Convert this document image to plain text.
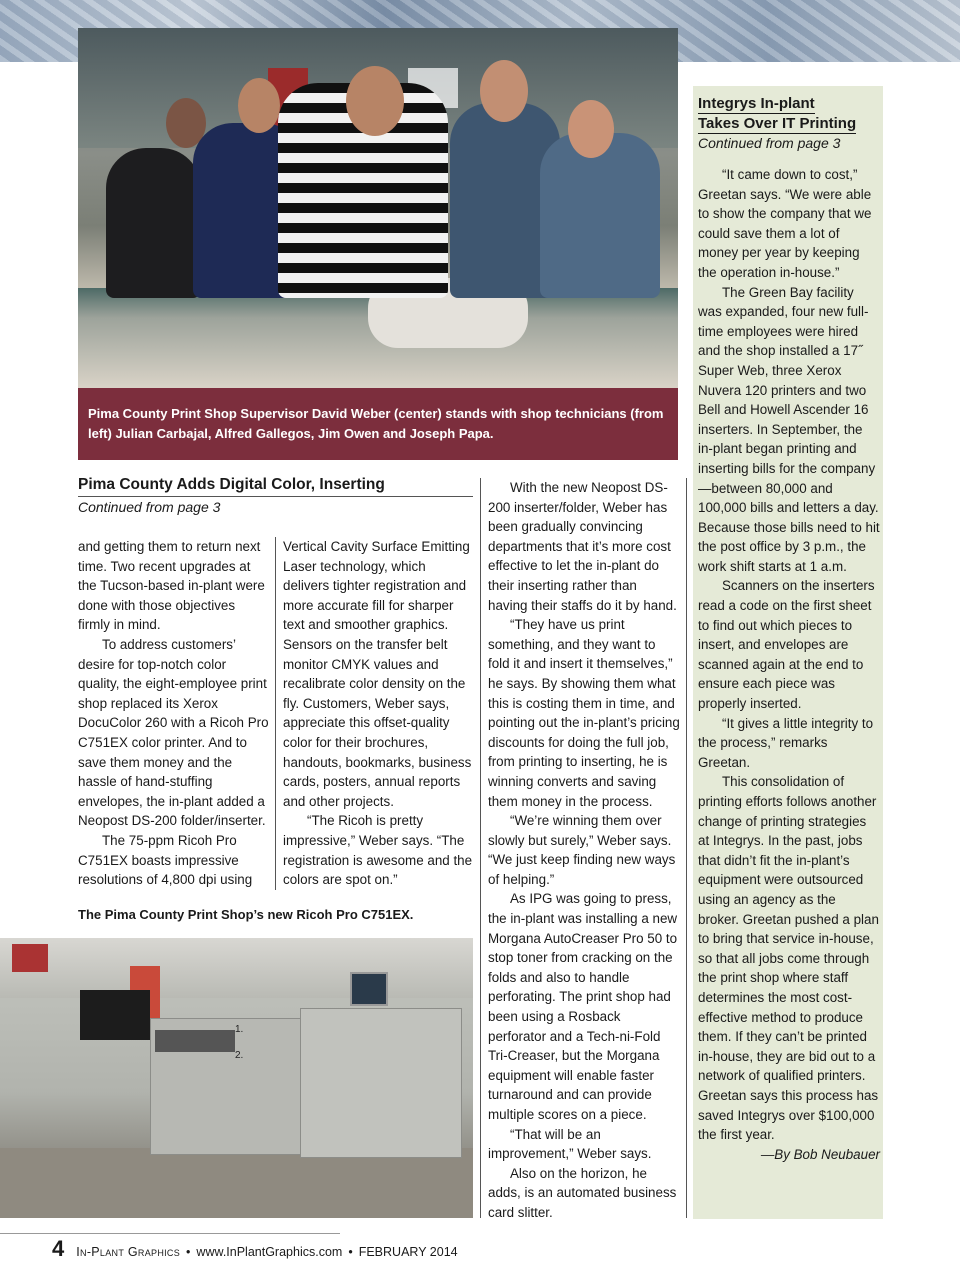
Pima County Print Shop Supervisor David Weber (center) stands with shop technicians (from left) Julian Carbajal, Alfred Gallegos, Jim Owen and Joseph Papa.
Integrys In-plant
Takes Over IT Printing
Continued from page 3

“It came down to cost,” Greetan says. “We were able to show the company that we could save them a lot of money per year by keeping the operation in-house.”

The Green Bay facility was expanded, four new full-time employees were hired and the shop installed a 17˝ Super Web, three Xerox Nuvera 120 printers and two Bell and Howell Ascender 16 inserters. In September, the in-plant began printing and inserting bills for the company—between 80,000 and 100,000 bills and letters a day. Because those bills need to hit the post office by 3 p.m., the work shift starts at 1 a.m.

Scanners on the inserters read a code on the first sheet to find out which pieces to insert, and envelopes are scanned again at the end to ensure each piece was properly inserted.

“It gives a little integrity to the process,” remarks Greetan.

This consolidation of printing efforts follows another change of printing strategies at Integrys. In the past, jobs that didn’t fit the in-plant’s equipment were outsourced using an agency as the broker. Greetan pushed a plan to bring that service in-house, so that all jobs come through the print shop where staff determines the most cost-effective method to produce them. If they can’t be printed in-house, they are bid out to a network of qualified printers. Greetan says this process has saved Integrys over $100,000 the first year.

—By Bob Neubauer

Pima County Adds Digital Color, Inserting
Continued from page 3

and getting them to return next time. Two recent upgrades at the Tucson-based in-plant were done with those objectives firmly in mind.

To address customers’ desire for top-notch color quality, the eight-employee print shop replaced its Xerox DocuColor 260 with a Ricoh Pro C751EX color printer. And to save them money and the hassle of hand-stuffing envelopes, the in-plant added a Neopost DS-200 folder/inserter.

The 75-ppm Ricoh Pro C751EX boasts impressive resolutions of 4,800 dpi using

Vertical Cavity Surface Emitting Laser technology, which delivers tighter registration and more accurate fill for sharper text and smoother graphics. Sensors on the transfer belt monitor CMYK values and recalibrate color density on the fly. Customers, Weber says, appreciate this offset-quality color for their brochures, handouts, bookmarks, business cards, posters, annual reports and other projects.

“The Ricoh is pretty impressive,” Weber says. “The registration is awesome and the colors are spot on.”

With the new Neopost DS-200 inserter/folder, Weber has been gradually convincing departments that it’s more cost effective to let the in-plant do their inserting rather than having their staffs do it by hand.

“They have us print something, and they want to fold it and insert it themselves,” he says. By showing them what this is costing them in time, and pointing out the in-plant’s pricing discounts for doing the full job, from printing to inserting, he is winning converts and saving them money in the process.

“We’re winning them over slowly but surely,” Weber says. “We just keep finding new ways of helping.”

As IPG was going to press, the in-plant was installing a new Morgana AutoCreaser Pro 50 to stop toner from cracking on the folds and also to handle perforating. The print shop had been using a Rosback perforator and a Tech-ni-Fold Tri-Creaser, but the Morgana equipment will enable faster turnaround and can provide multiple scores on a piece.

“That will be an improvement,” Weber says.

Also on the horizon, he adds, is an automated business card slitter.

The Pima County Print Shop’s new Ricoh Pro C751EX.
1.
2.
4 In-Plant Graphics • www.InPlantGraphics.com • FEBRUARY 2014
